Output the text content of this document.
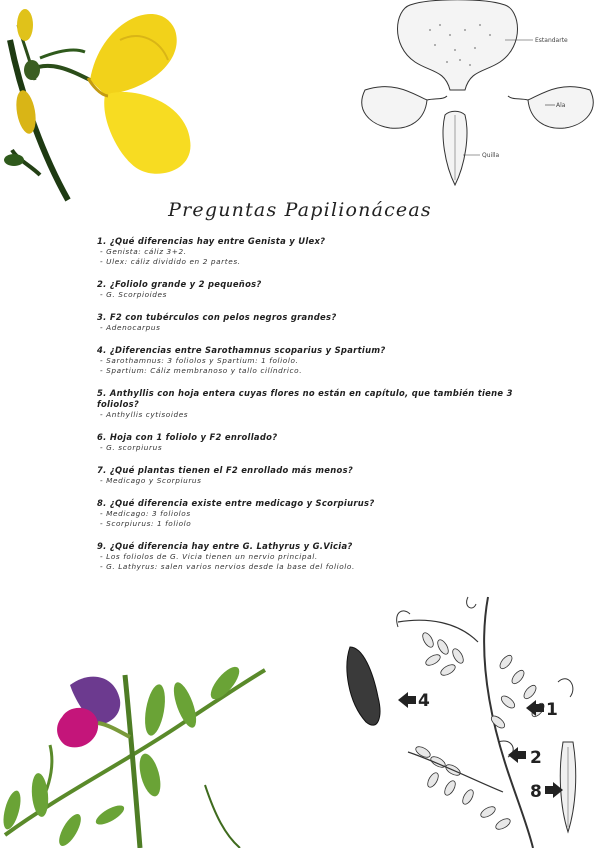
Estandarte
Ala
Quilla
Preguntas Papilionáceas

1. ¿Qué diferencias hay entre Genista y Ulex?

- Genista: cáliz 3+2.

- Ulex: cáliz dividido en 2 partes.

2. ¿Foliolo grande y 2 pequeños?

- G. Scorpioides

3. F2 con tubérculos con pelos negros grandes?

- Adenocarpus

4. ¿Diferencias entre Sarothamnus scoparius y Spartium?

- Sarothamnus: 3 foliolos y Spartium: 1 foliolo.

- Spartium: Cáliz membranoso y tallo cilíndrico.

5. Anthyllis con hoja entera cuyas flores no están en capítulo, que también tiene 3 foliolos?

- Anthyllis cytisoides

6. Hoja con 1 foliolo y F2 enrollado?

- G. scorpiurus

7. ¿Qué plantas tienen el F2 enrollado más menos?

- Medicago y Scorpiurus

8. ¿Qué diferencia existe entre medicago y Scorpiurus?

- Medicago: 3 foliolos

- Scorpiurus: 1 foliolo

9. ¿Qué diferencia hay entre G. Lathyrus y G.Vicia?

- Los foliolos de G. Vicia tienen un nervio principal.

- G. Lathyrus: salen varios nervios desde la base del foliolo.

4	1
2
8
